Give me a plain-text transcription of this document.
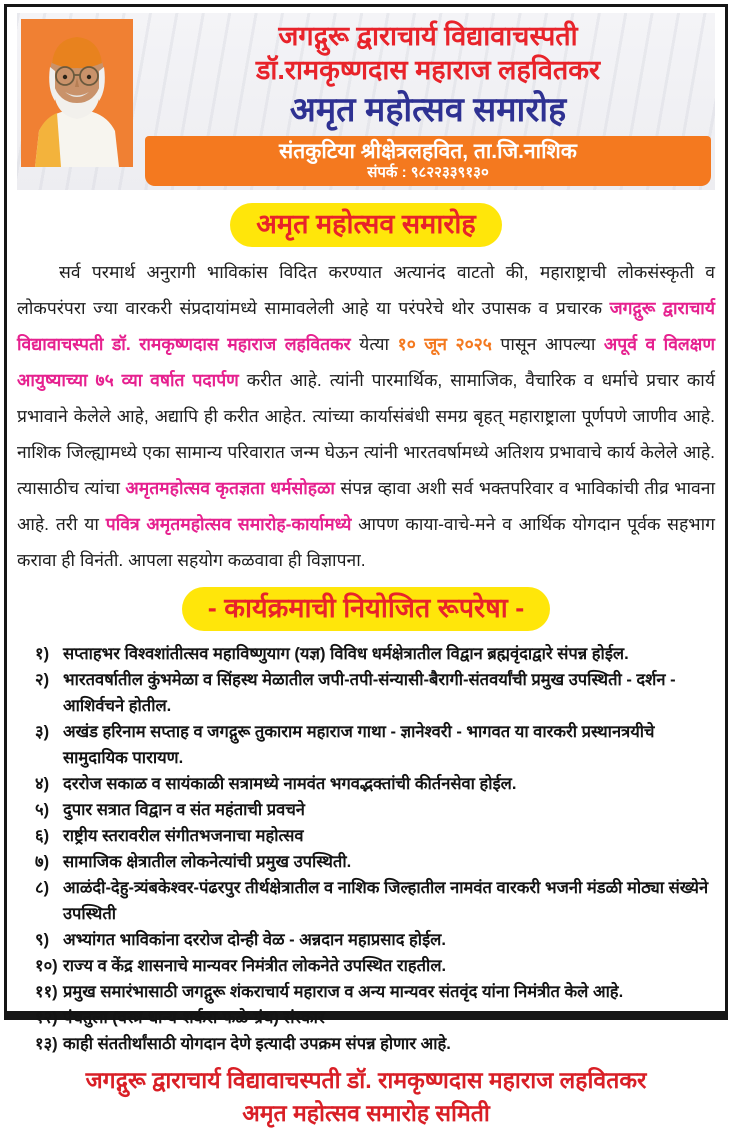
जगद्गुरू द्वाराचार्य विद्यावाचस्पती
डॉ.रामकृष्णदास महाराज लहवितकर
अमृत महोत्सव समारोह
संतकुटिया श्रीक्षेत्रलहवित, ता.जि.नाशिक
संपर्क : ९८२२३३९१३०
अमृत महोत्सव समारोह
सर्व परमार्थ अनुरागी भाविकांस विदित करण्यात अत्यानंद वाटतो की, महाराष्ट्राची लोकसंस्कृती व लोकपरंपरा ज्या वारकरी संप्रदायांमध्ये सामावलेली आहे या परंपरेचे थोर उपासक व प्रचारक जगद्गुरू द्वाराचार्य विद्यावाचस्पती डॉ. रामकृष्णदास महाराज लहवितकर येत्या १० जून २०२५ पासून आपल्या अपूर्व व विलक्षण आयुष्याच्या ७५ व्या वर्षात पदार्पण करीत आहे. त्यांनी पारमार्थिक, सामाजिक, वैचारिक व धर्माचे प्रचार कार्य प्रभावाने केलेले आहे, अद्यापि ही करीत आहेत. त्यांच्या कार्यासंबंधी समग्र बृहत् महाराष्ट्राला पूर्णपणे जाणीव आहे. नाशिक जिल्ह्यामध्ये एका सामान्य परिवारात जन्म घेऊन त्यांनी भारतवर्षामध्ये अतिशय प्रभावाचे कार्य केलेले आहे. त्यासाठीच त्यांचा अमृतमहोत्सव कृतज्ञता धर्मसोहळा संपन्न व्हावा अशी सर्व भक्तपरिवार व भाविकांची तीव्र भावना आहे. तरी या पवित्र अमृतमहोत्सव समारोह-कार्यामध्ये आपण काया-वाचे-मने व आर्थिक योगदान पूर्वक सहभाग करावा ही विनंती. आपला सहयोग कळवावा ही विज्ञापना.
- कार्यक्रमाची नियोजित रूपरेषा -
१) सप्ताहभर विश्वशांतीत्सव महाविष्णुयाग (यज्ञ) विविध धर्मक्षेत्रातील विद्वान ब्रह्मवृंदाद्वारे संपन्न होईल.
२) भारतवर्षातील कुंभमेळा व सिंहस्थ मेळातील जपी-तपी-संन्यासी-बैरागी-संतवर्यांची प्रमुख उपस्थिती - दर्शन - आशिर्वचने होतील.
३) अखंड हरिनाम सप्ताह व जगद्गुरू तुकाराम महाराज गाथा - ज्ञानेश्वरी - भागवत या वारकरी प्रस्थानत्रयीचे सामुदायिक पारायण.
४) दररोज सकाळ व सायंकाळी सत्रामध्ये नामवंत भगवद्भक्तांची कीर्तनसेवा होईल.
५) दुपार सत्रात विद्वान व संत महंताची प्रवचने
६) राष्ट्रीय स्तरावरील संगीतभजनाचा महोत्सव
७) सामाजिक क्षेत्रातील लोकनेत्यांची प्रमुख उपस्थिती.
८) आळंदी-देहु-त्र्यंबकेश्वर-पंढरपुर तीर्थक्षेत्रातील व नाशिक जिल्हातील नामवंत वारकरी भजनी मंडळी मोठ्या संख्येने उपस्थिती
९) अभ्यांगत भाविकांना दररोज दोन्ही वेळ - अन्नदान महाप्रसाद होईल.
१०) राज्य व केंद्र शासनाचे मान्यवर निमंत्रीत लोकनेते उपस्थित राहतील.
११) प्रमुख समारंभासाठी जगद्गुरू शंकराचार्य महाराज व अन्य मान्यवर संतवृंद यांना निमंत्रीत केले आहे.
१२) पंचतुला (वस्त्र-धान्य-शर्करा-फळे-ग्रंथ) संस्कार
१३) काही संततीर्थांसाठी योगदान देणे इत्यादी उपक्रम संपन्न होणार आहे.
जगद्गुरू द्वाराचार्य विद्यावाचस्पती डॉ. रामकृष्णदास महाराज लहवितकर
अमृत महोत्सव समारोह समिती
